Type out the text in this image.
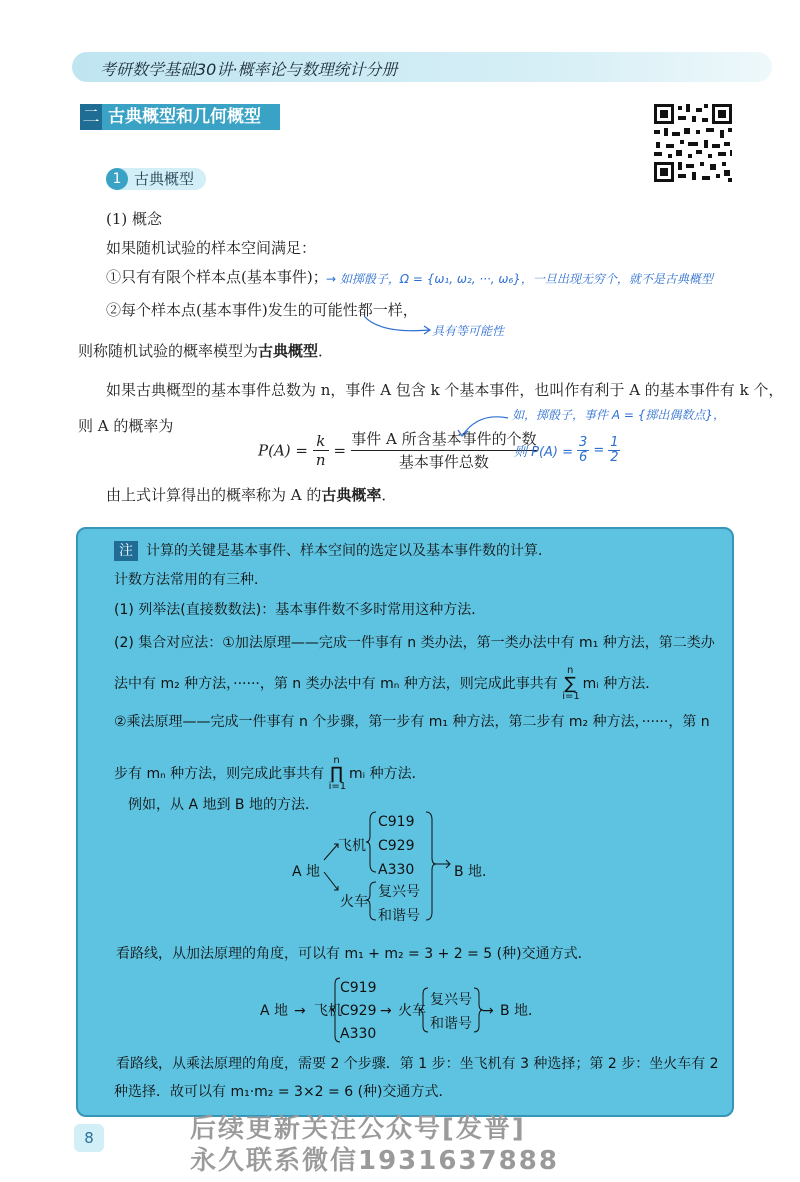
考研数学基础30讲·概率论与数理统计分册
二 古典概型和几何概型
1 古典概型
(1) 概念
如果随机试验的样本空间满足：
①只有有限个样本点(基本事件)；
→ 如掷骰子，Ω = {ω₁, ω₂, ···, ω₆}，一旦出现无穷个，就不是古典概型
②每个样本点(基本事件)发生的可能性都一样，
具有等可能性
则称随机试验的概率模型为古典概型．
如果古典概型的基本事件总数为 n，事件 A 包含 k 个基本事件，也叫作有利于 A 的基本事件有 k 个，
则 A 的概率为
如，掷骰子，事件 A = {掷出偶数点}，
$P(A) = \frac{k}{n} = \frac{\text{事件 A 所含基本事件的个数}}{\text{基本事件总数}}$
则 $P(A) = \frac{3}{6} = \frac{1}{2}$
由上式计算得出的概率称为 A 的古典概率．
注 计算的关键是基本事件、样本空间的选定以及基本事件数的计算．
计数方法常用的有三种．
(1) 列举法(直接数数法)：基本事件数不多时常用这种方法．
(2) 集合对应法：①加法原理——完成一件事有 n 类办法，第一类办法中有 m₁ 种方法，第二类办
法中有 m₂ 种方法，······，第 n 类办法中有 mₙ 种方法，则完成此事共有
n
∑
i=1
mᵢ 种方法．
②乘法原理——完成一件事有 n 个步骤，第一步有 m₁ 种方法，第二步有 m₂ 种方法，······，第 n
步有 mₙ 种方法，则完成此事共有
n
∏
i=1
mᵢ 种方法．
例如，从 A 地到 B 地的方法．
A 地
飞机
火车
C919
C929
A330
复兴号
和谐号
B 地．
看路线，从加法原理的角度，可以有 m₁ + m₂ = 3 + 2 = 5 (种)交通方式．
A 地 → 飞机
C919
C929
A330
→ 火车
复兴号
和谐号
→ B 地．
看路线，从乘法原理的角度，需要 2 个步骤．第 1 步：坐飞机有 3 种选择；第 2 步：坐火车有 2
种选择．故可以有 m₁·m₂ = 3×2 = 6 (种)交通方式．
8	后续更新关注公众号[发普]
永久联系微信1931637888
